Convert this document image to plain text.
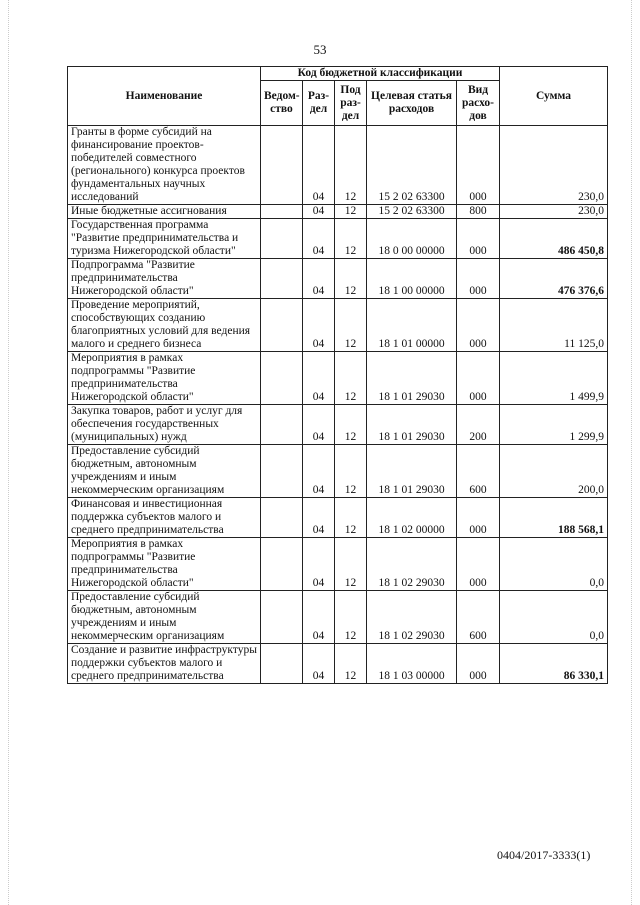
53
Наименование	Код бюджетной классификации					Сумма
	Ведом-ство	Раз-дел	Под раз-дел	Целевая статья расходов	Вид расхо-дов	
Гранты в форме субсидий на финансирование проектов-победителей совместного (регионального) конкурса проектов фундаментальных научных исследований		04	12	15 2 02 63300	000	230,0
Иные бюджетные ассигнования		04	12	15 2 02 63300	800	230,0
Государственная программа "Развитие предпринимательства и туризма Нижегородской области"		04	12	18 0 00 00000	000	486 450,8
Подпрограмма "Развитие предпринимательства Нижегородской области"		04	12	18 1 00 00000	000	476 376,6
Проведение мероприятий, способствующих созданию благоприятных условий для ведения малого и среднего бизнеса		04	12	18 1 01 00000	000	11 125,0
Мероприятия в рамках подпрограммы "Развитие предпринимательства Нижегородской области"		04	12	18 1 01 29030	000	1 499,9
Закупка товаров, работ и услуг для обеспечения государственных (муниципальных) нужд		04	12	18 1 01 29030	200	1 299,9
Предоставление субсидий бюджетным, автономным учреждениям и иным некоммерческим организациям		04	12	18 1 01 29030	600	200,0
Финансовая и инвестиционная поддержка субъектов малого и среднего предпринимательства		04	12	18 1 02 00000	000	188 568,1
Мероприятия в рамках подпрограммы "Развитие предпринимательства Нижегородской области"		04	12	18 1 02 29030	000	0,0
Предоставление субсидий бюджетным, автономным учреждениям и иным некоммерческим организациям		04	12	18 1 02 29030	600	0,0
Создание и развитие инфраструктуры поддержки субъектов малого и среднего предпринимательства		04	12	18 1 03 00000	000	86 330,1
0404/2017-3333(1)
